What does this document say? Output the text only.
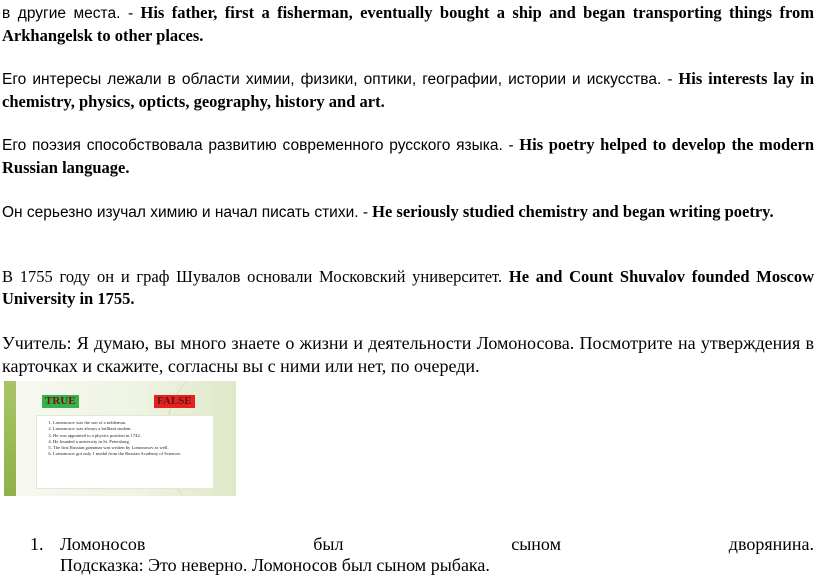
в другие места. - His father, first a fisherman, eventually bought a ship and began transporting things from Arkhangelsk to other places.

Его интересы лежали в области химии, физики, оптики, географии, истории и искусства. - His interests lay in chemistry, physics, opticts, geography, history and art.

Его поэзия способствовала развитию современного русского языка. - His poetry helped to develop the modern Russian language.

Он серьезно изучал химию и начал писать стихи. - He seriously studied chemistry and began writing poetry.

В 1755 году он и граф Шувалов основали Московский университет. He and Count Shuvalov founded Moscow University in 1755.

Учитель: Я думаю, вы много знаете о жизни и деятельности Ломоносова. Посмотрите на утверждения в карточках и скажите, согласны вы с ними или нет, по очереди.

TRUE	FALSE
1. Lomonosov was the son of a nobleman.
2. Lomonosov was always a brilliant student.
3. He was appointed to a physics position in 1742.
4. He founded a university in St. Petersburg.
5. The first Russian grammar was written by Lomonosov as well.
6. Lomonosov got only 1 medal from the Russian Academy of Sciences.
1. Ломоносов	был	сыном	дворянина.
Подсказка: Это неверно. Ломоносов был сыном рыбака.
